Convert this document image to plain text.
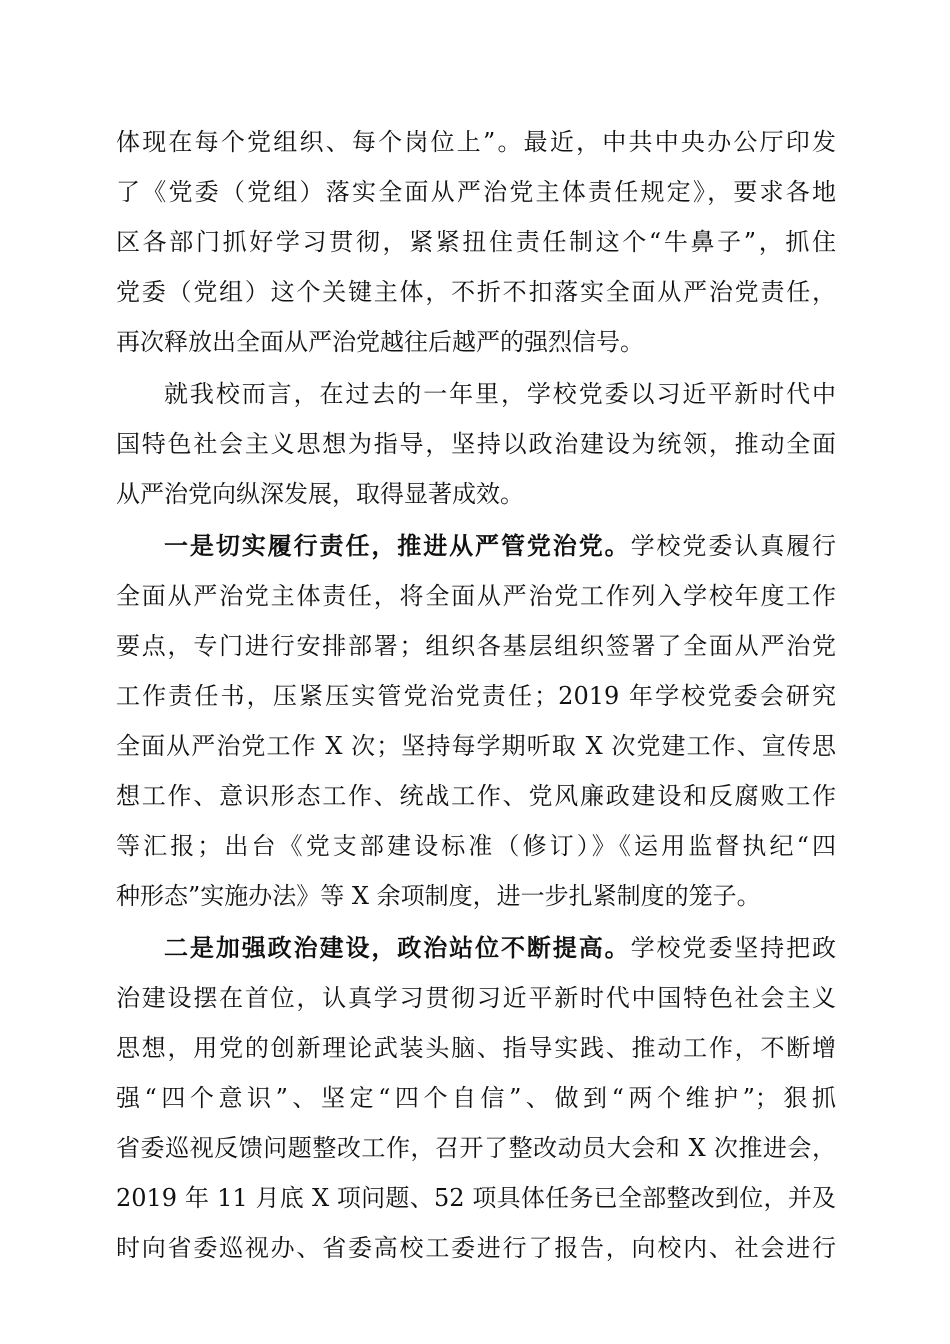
体现在每个党组织、每个岗位上”。最近，中共中央办公厅印发
了《党委（党组）落实全面从严治党主体责任规定》，要求各地
区各部门抓好学习贯彻，紧紧扭住责任制这个“牛鼻子”，抓住
党委（党组）这个关键主体，不折不扣落实全面从严治党责任，
再次释放出全面从严治党越往后越严的强烈信号。
就我校而言，在过去的一年里，学校党委以习近平新时代中
国特色社会主义思想为指导，坚持以政治建设为统领，推动全面
从严治党向纵深发展，取得显著成效。
一是切实履行责任，推进从严管党治党。学校党委认真履行
全面从严治党主体责任，将全面从严治党工作列入学校年度工作
要点，专门进行安排部署；组织各基层组织签署了全面从严治党
工作责任书，压紧压实管党治党责任；2019 年学校党委会研究
全面从严治党工作 X 次；坚持每学期听取 X 次党建工作、宣传思
想工作、意识形态工作、统战工作、党风廉政建设和反腐败工作
等汇报；出台《党支部建设标准（修订）》《运用监督执纪“四
种形态”实施办法》等 X 余项制度，进一步扎紧制度的笼子。
二是加强政治建设，政治站位不断提高。学校党委坚持把政
治建设摆在首位，认真学习贯彻习近平新时代中国特色社会主义
思想，用党的创新理论武装头脑、指导实践、推动工作，不断增
强“四个意识”、坚定“四个自信”、做到“两个维护”；狠抓
省委巡视反馈问题整改工作，召开了整改动员大会和 X 次推进会，
2019 年 11 月底 X 项问题、52 项具体任务已全部整改到位，并及
时向省委巡视办、省委高校工委进行了报告，向校内、社会进行
